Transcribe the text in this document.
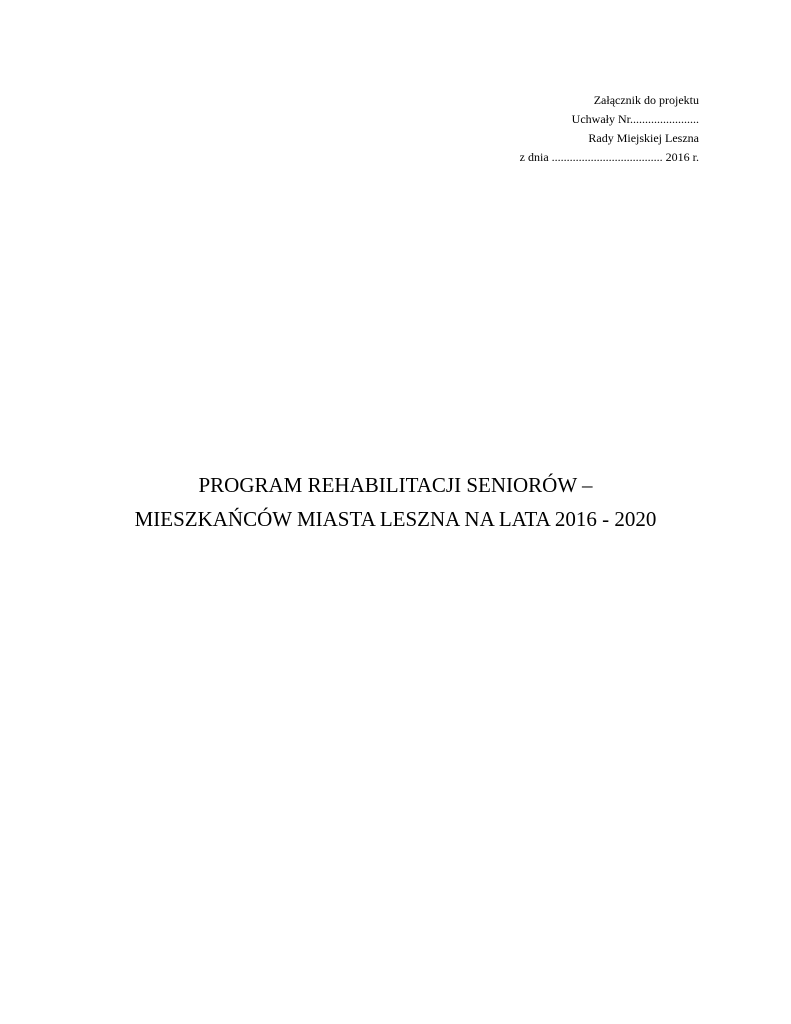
Załącznik do projektu
Uchwały Nr.......................
Rady Miejskiej Leszna
z dnia ..................................... 2016 r.
PROGRAM REHABILITACJI SENIORÓW –
MIESZKAŃCÓW MIASTA LESZNA NA LATA 2016 - 2020
